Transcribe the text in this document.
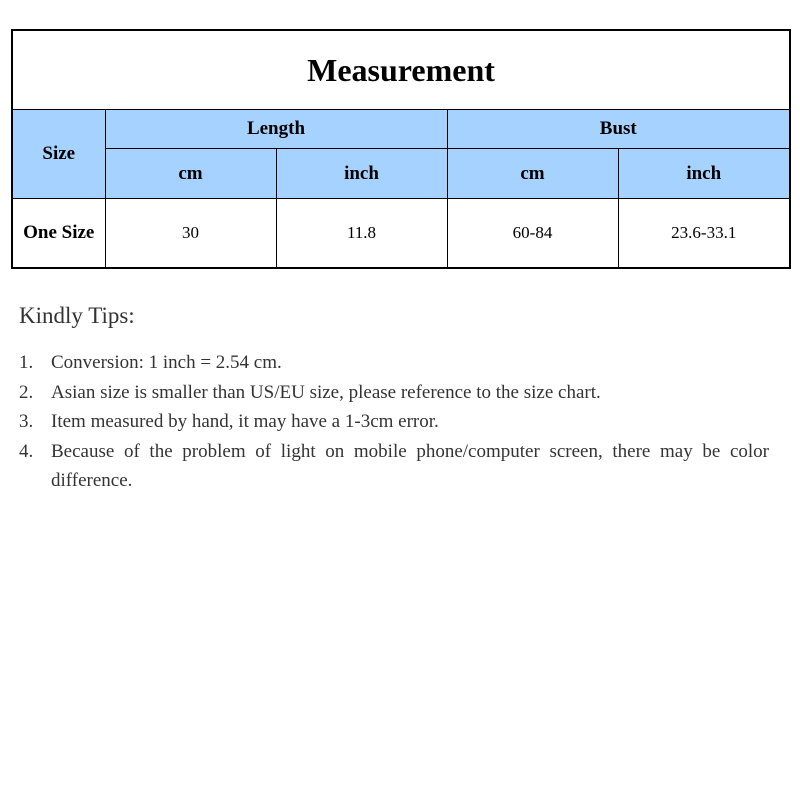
Measurement				
Size	Length		Bust	
	cm	inch	cm	inch
One Size	30	11.8	60-84	23.6-33.1
Kindly Tips:
1. Conversion: 1 inch = 2.54 cm.
2. Asian size is smaller than US/EU size, please reference to the size chart.
3. Item measured by hand, it may have a 1-3cm error.
4. Because of the problem of light on mobile phone/computer screen, there may be color difference.
